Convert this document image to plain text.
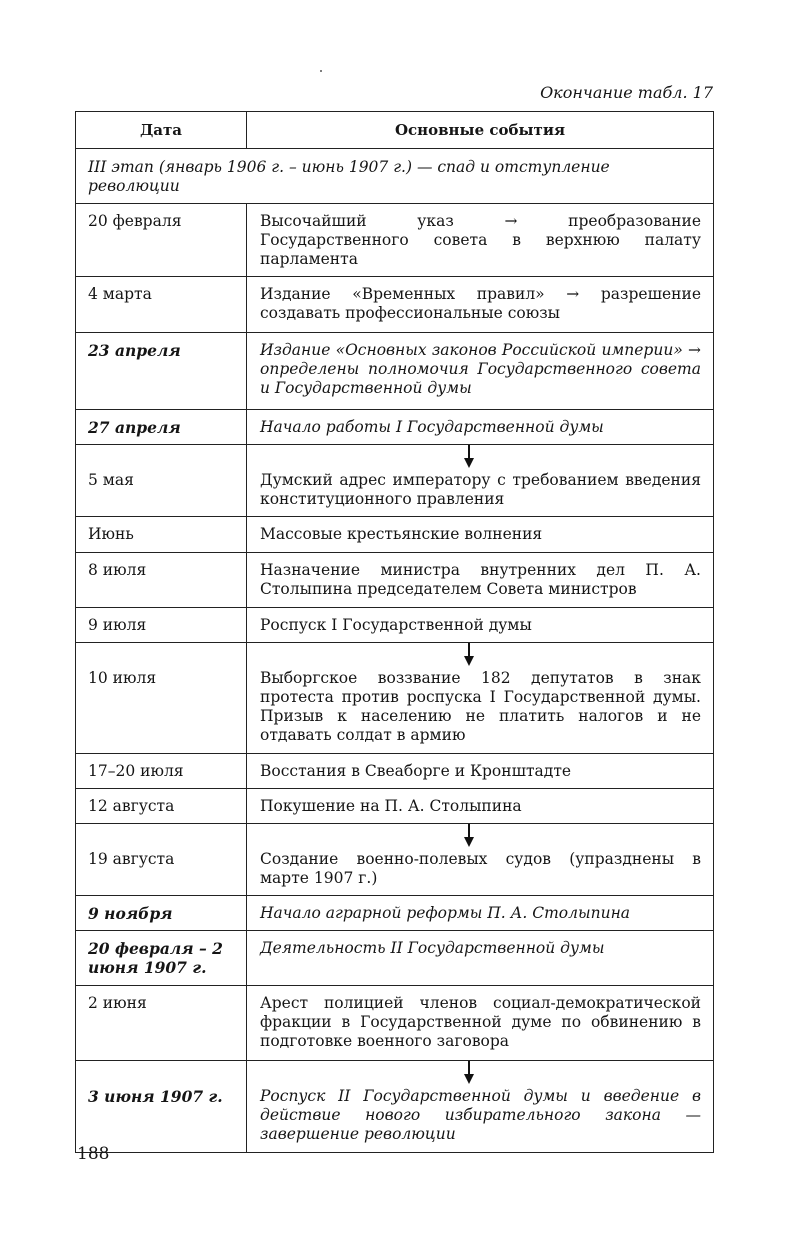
Окончание табл. 17
Дата	Основные события
III этап (январь 1906 г. – июнь 1907 г.) — спад и отступление революции	
20 февраля	Высочайший указ → преобразование Государственного совета в верхнюю палату парламента
4 марта	Издание «Временных правил» → разрешение создавать профессиональные союзы
23 апреля	Издание «Основных законов Российской империи» → определены полномочия Государственного совета и Государственной думы
27 апреля	Начало работы I Государственной думы
5 мая	Думский адрес императору с требованием введения конституционного правления
Июнь	Массовые крестьянские волнения
8 июля	Назначение министра внутренних дел П. А. Столыпина председателем Совета министров
9 июля	Роспуск I Государственной думы
10 июля	Выборгское воззвание 182 депутатов в знак протеста против роспуска I Государственной думы. Призыв к населению не платить налогов и не отдавать солдат в армию
17–20 июля	Восстания в Свеаборге и Кронштадте
12 августа	Покушение на П. А. Столыпина
19 августа	Создание военно-полевых судов (упразднены в марте 1907 г.)
9 ноября	Начало аграрной реформы П. А. Столыпина
20 февраля – 2 июня 1907 г.	Деятельность II Государственной думы
2 июня	Арест полицией членов социал-демократической фракции в Государственной думе по обвинению в подготовке военного заговора
3 июня 1907 г.	Роспуск II Государственной думы и введение в действие нового избирательного закона — завершение революции
188
